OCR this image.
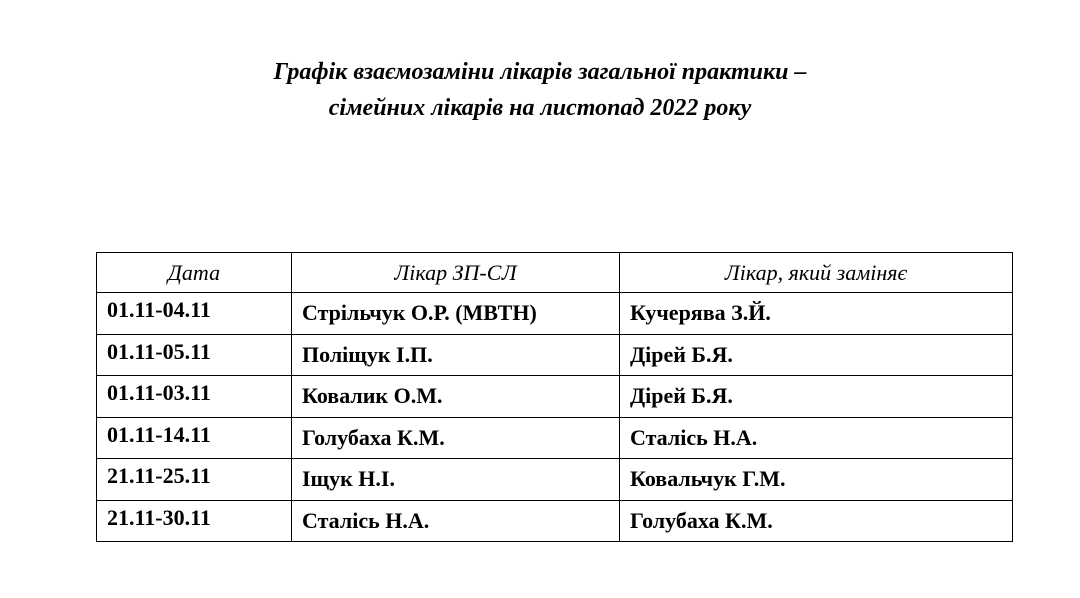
Графік взаємозаміни лікарів загальної практики –
сімейних лікарів на листопад 2022 року
Дата	Лікар ЗП-СЛ	Лікар, який заміняє
01.11-04.11	Стрільчук О.Р. (МВТН)	Кучерява З.Й.
01.11-05.11	Поліщук І.П.	Дірей Б.Я.
01.11-03.11	Ковалик О.М.	Дірей Б.Я.
01.11-14.11	Голубаха К.М.	Сталісь Н.А.
21.11-25.11	Іщук Н.І.	Ковальчук Г.М.
21.11-30.11	Сталісь Н.А.	Голубаха К.М.
